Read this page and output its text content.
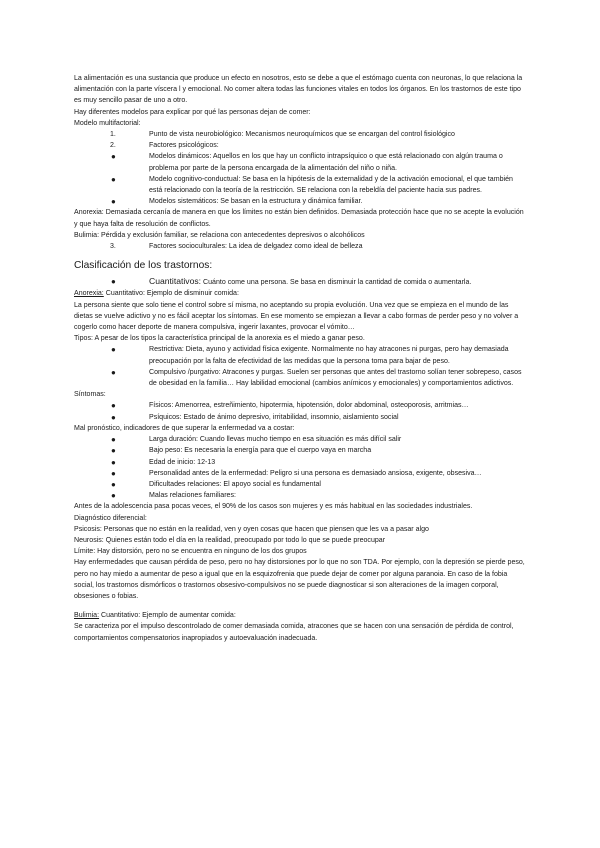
La alimentación es una sustancia que produce un efecto en nosotros, esto se debe a que el estómago cuenta con neuronas, lo que relaciona la alimentación con la parte víscera l y emocional. No comer altera todas las funciones vitales en todos los órganos. En los trastornos de este tipo es muy sencillo pasar de uno a otro.

Hay diferentes modelos para explicar por qué las personas dejan de comer:

Modelo multifactorial:

1.	Punto de vista neurobiológico: Mecanismos neuroquímicos que se encargan del control fisiológico
2.	Factores psicológicos:
●	Modelos dinámicos: Aquellos en los que hay un conflicto intrapsíquico o que está relacionado con algún trauma o problema por parte de la persona encargada de la alimentación del niño o niña.
●	Modelo cognitivo-conductual: Se basa en la hipótesis de la externalidad y de la activación emocional, el que también está relacionado con la teoría de la restricción. SE relaciona con la rebeldía del paciente hacia sus padres.
●	Modelos sistemáticos: Se basan en la estructura y dinámica familiar.

Anorexia: Demasiada cercanía de manera en que los límites no están bien definidos. Demasiada protección hace que no se acepte la evolución y que haya falta de resolución de conflictos.

Bulimia: Pérdida y exclusión familiar, se relaciona con antecedentes depresivos o alcohólicos

3.	Factores socioculturales: La idea de delgadez como ideal de belleza

Clasificación de los trastornos:

●	Cuantitativos: Cuánto come una persona. Se basa en disminuir la cantidad de comida o aumentarla.

Anorexia: Cuantitativo: Ejemplo de disminuir comida:

La persona siente que solo tiene el control sobre sí misma, no aceptando su propia evolución. Una vez que se empieza en el mundo de las dietas se vuelve adictivo y no es fácil aceptar los síntomas. En ese momento se empiezan a llevar a cabo formas de perder peso y no volver a cogerlo como hacer deporte de manera compulsiva, ingerir laxantes, provocar el vómito…

Tipos: A pesar de los tipos la característica principal de la anorexia es el miedo a ganar peso.

●	Restrictiva: Dieta, ayuno y actividad física exigente. Normalmente no hay atracones ni purgas, pero hay demasiada preocupación por la falta de efectividad de las medidas que la persona toma para bajar de peso.
●	Compulsivo /purgativo: Atracones y purgas. Suelen ser personas que antes del trastorno solían tener sobrepeso, casos de obesidad en la familia… Hay labilidad emocional (cambios anímicos y emocionales) y comportamientos adictivos.

Síntomas:

●	Físicos: Amenorrea, estreñimiento, hipotermia, hipotensión, dolor abdominal, osteoporosis, arritmias…
●	Psíquicos: Estado de ánimo depresivo, irritabilidad, insomnio, aislamiento social

Mal pronóstico, indicadores de que superar la enfermedad va a costar:

●	Larga duración: Cuando llevas mucho tiempo en esa situación es más difícil salir
●	Bajo peso: Es necesaria la energía para que el cuerpo vaya en marcha
●	Edad de inicio: 12-13
●	Personalidad antes de la enfermedad: Peligro si una persona es demasiado ansiosa, exigente, obsesiva…
●	Dificultades relaciones: El apoyo social es fundamental
●	Malas relaciones familiares:

Antes de la adolescencia pasa pocas veces, el 90% de los casos son mujeres y es más habitual en las sociedades industriales.

Diagnóstico diferencial:

Psicosis: Personas que no están en la realidad, ven y oyen cosas que hacen que piensen que les va a pasar algo

Neurosis: Quienes están todo el día en la realidad, preocupado por todo lo que se puede preocupar

Límite: Hay distorsión, pero no se encuentra en ninguno de los dos grupos

Hay enfermedades que causan pérdida de peso, pero no hay distorsiones por lo que no son TDA. Por ejemplo, con la depresión se pierde peso, pero no hay miedo a aumentar de peso a igual que en la esquizofrenia que puede dejar de comer por alguna paranoia. En caso de la fobia social, los trastornos dismórficos o trastornos obsesivo-compulsivos no se puede diagnosticar si son alteraciones de la imagen corporal, obsesiones o fobias.

Bulimia: Cuantitativo: Ejemplo de aumentar comida:

Se caracteriza por el impulso descontrolado de comer demasiada comida, atracones que se hacen con una sensación de pérdida de control, comportamientos compensatorios inapropiados y autoevaluación inadecuada.
